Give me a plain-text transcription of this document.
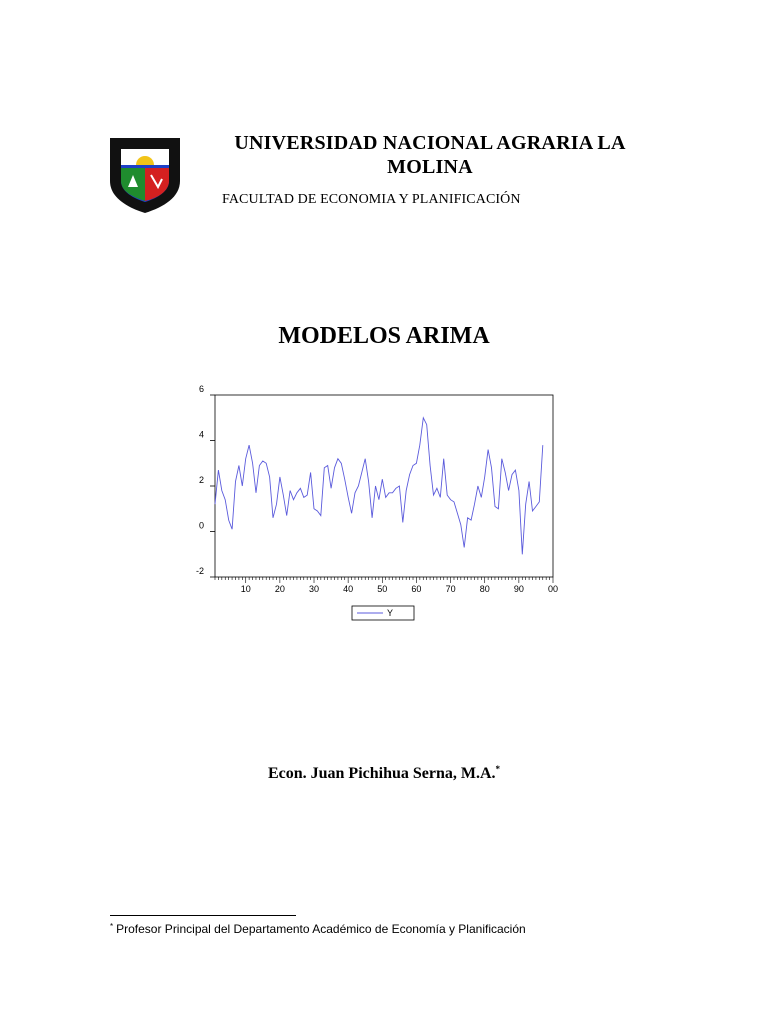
UNIVERSIDAD NACIONAL AGRARIA LA
MOLINA
FACULTAD DE ECONOMIA Y PLANIFICACIÓN
MODELOS ARIMA
6
4
2
0
-2
10	20	30	40	50	60	70	80	90	00
Y
Econ. Juan Pichihua Serna, M.A.*
* Profesor Principal del Departamento Académico de Economía y Planificación
